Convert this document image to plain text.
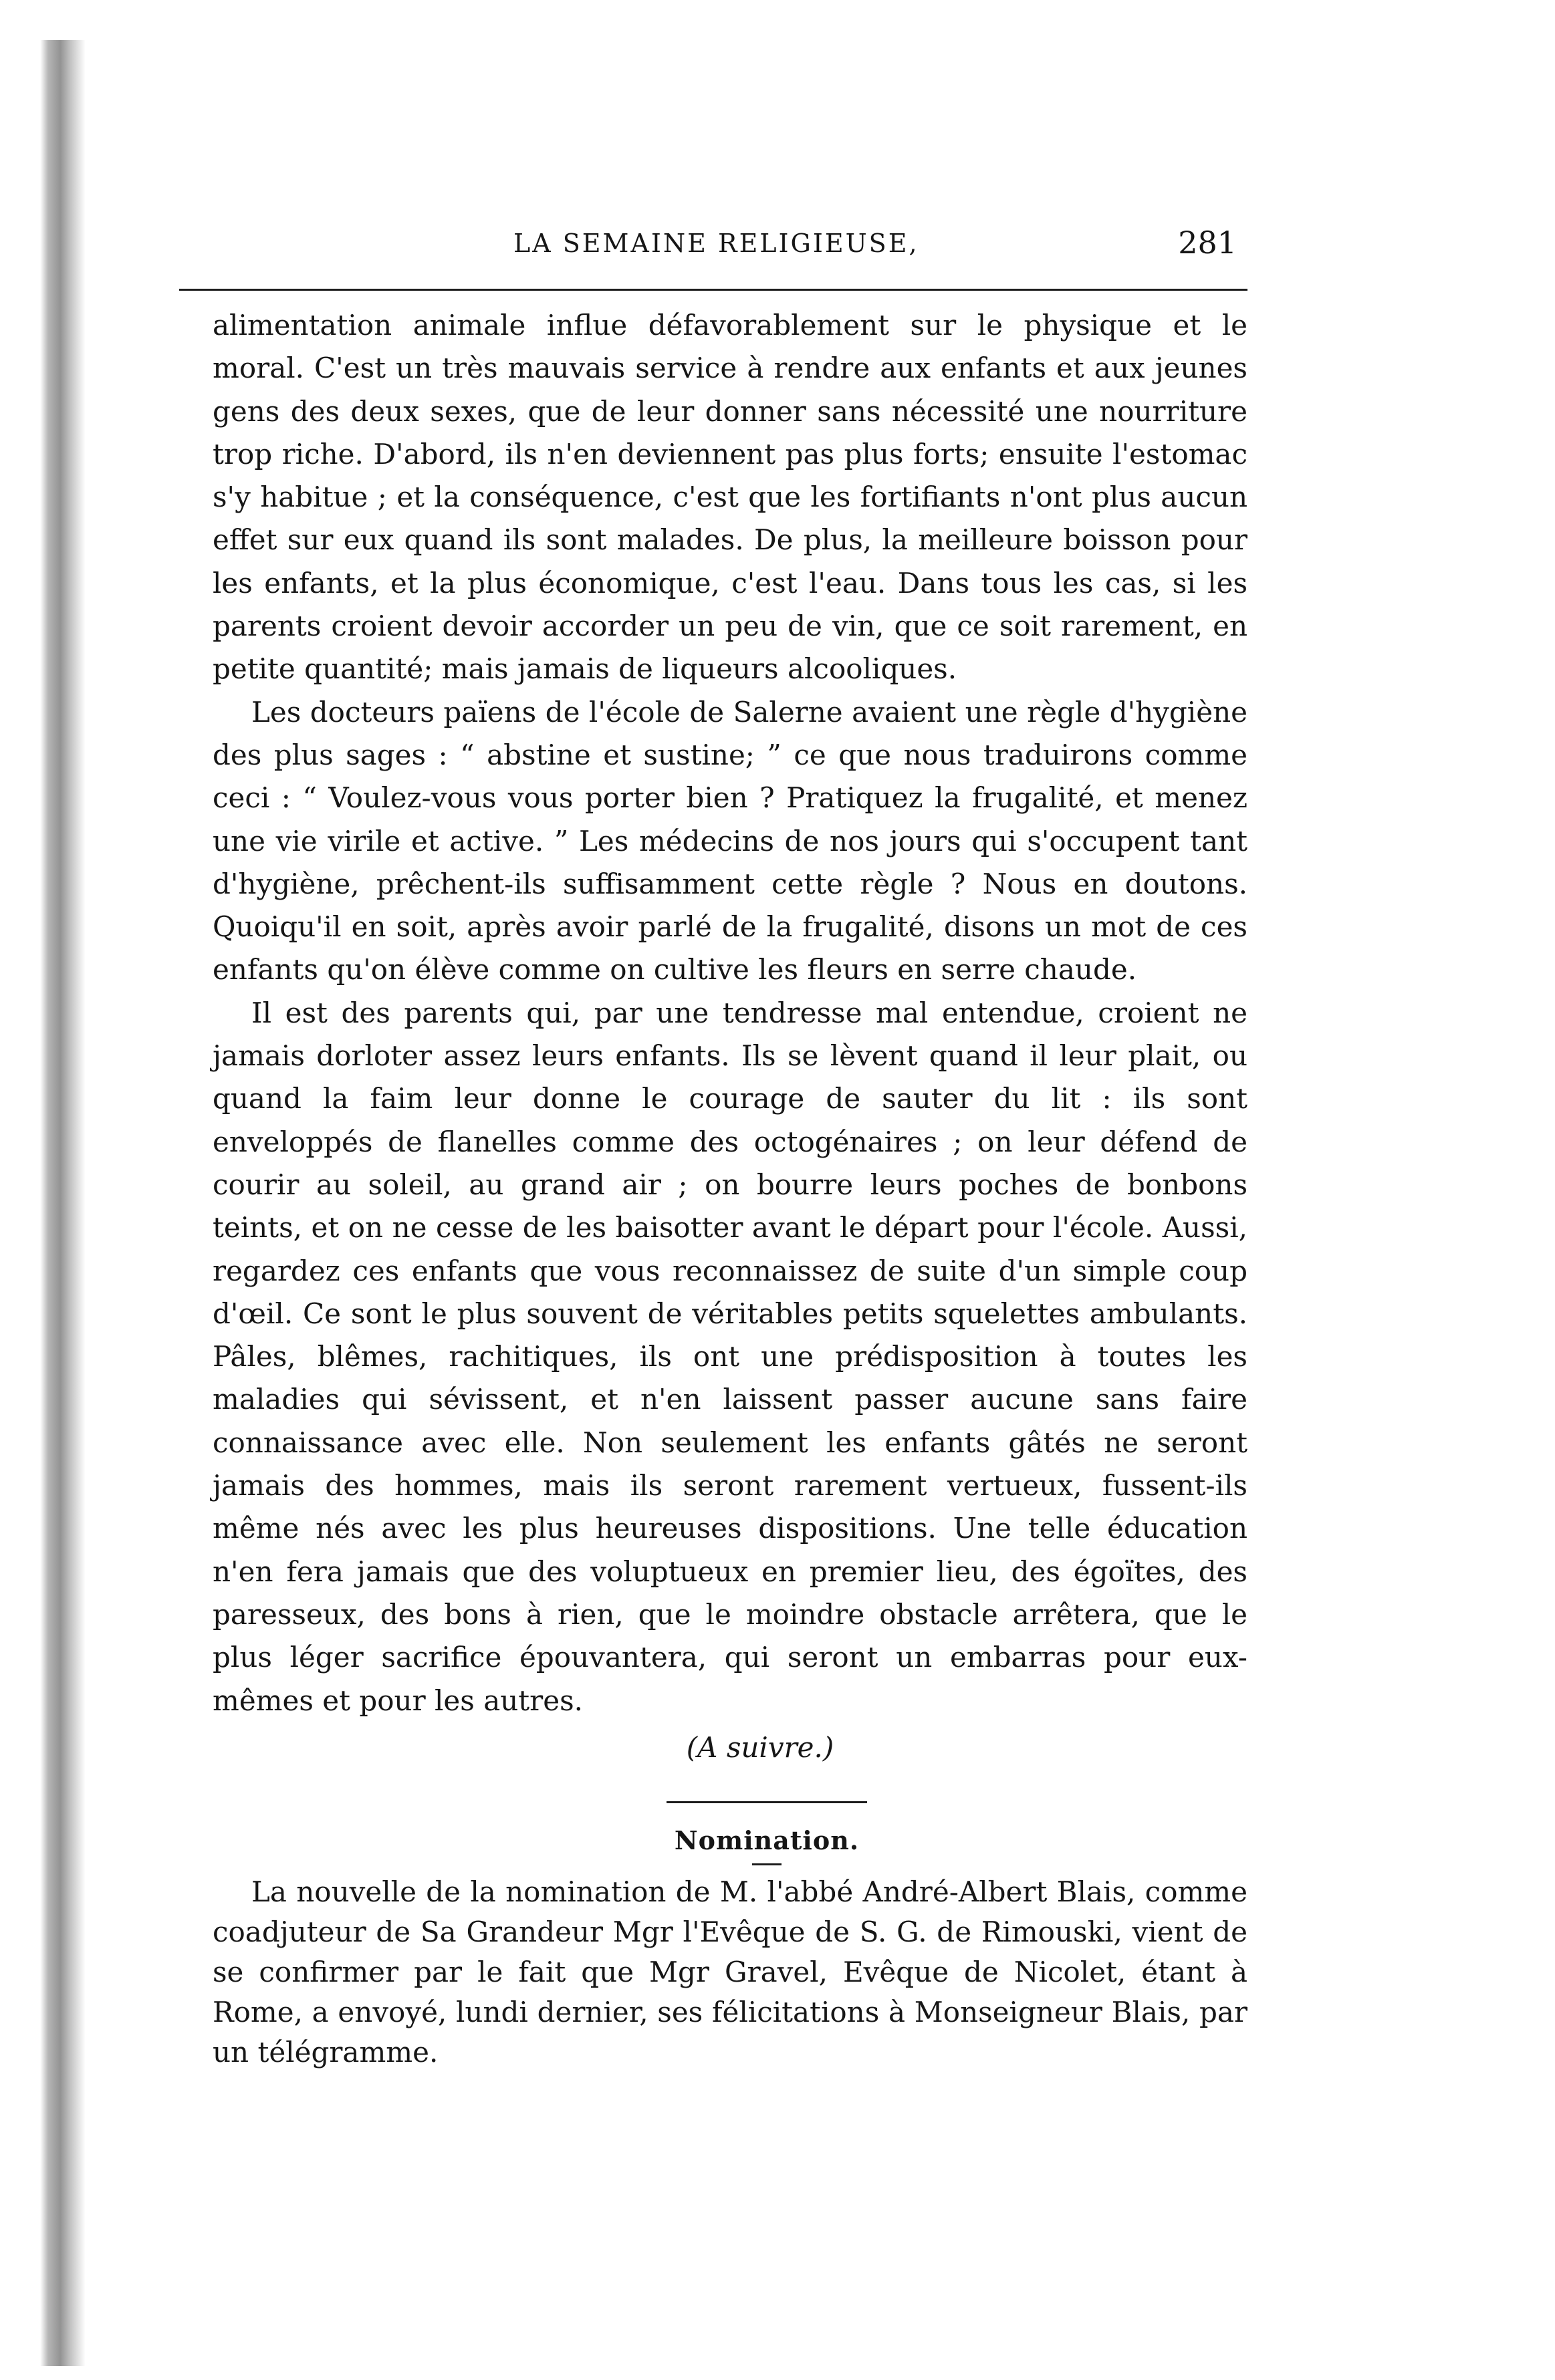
LA SEMAINE RELIGIEUSE,	281

alimentation animale influe défavorablement sur le physique et le moral. C'est un très mauvais service à rendre aux enfants et aux jeunes gens des deux sexes, que de leur donner sans nécessité une nourriture trop riche. D'abord, ils n'en deviennent pas plus forts; ensuite l'estomac s'y habitue ; et la conséquence, c'est que les fortifiants n'ont plus aucun effet sur eux quand ils sont malades. De plus, la meilleure boisson pour les enfants, et la plus économique, c'est l'eau. Dans tous les cas, si les parents croient devoir accorder un peu de vin, que ce soit rarement, en petite quantité; mais jamais de liqueurs alcooliques.

Les docteurs païens de l'école de Salerne avaient une règle d'hygiène des plus sages : “ abstine et sustine; ” ce que nous traduirons comme ceci : “ Voulez-vous vous porter bien ? Pratiquez la frugalité, et menez une vie virile et active. ” Les médecins de nos jours qui s'occupent tant d'hygiène, prêchent-ils suffisamment cette règle ? Nous en doutons. Quoiqu'il en soit, après avoir parlé de la frugalité, disons un mot de ces enfants qu'on élève comme on cultive les fleurs en serre chaude.

Il est des parents qui, par une tendresse mal entendue, croient ne jamais dorloter assez leurs enfants. Ils se lèvent quand il leur plait, ou quand la faim leur donne le courage de sauter du lit : ils sont enveloppés de flanelles comme des octogénaires ; on leur défend de courir au soleil, au grand air ; on bourre leurs poches de bonbons teints, et on ne cesse de les baisotter avant le départ pour l'école. Aussi, regardez ces enfants que vous reconnaissez de suite d'un simple coup d'œil. Ce sont le plus souvent de véritables petits squelettes ambulants. Pâles, blêmes, rachitiques, ils ont une prédisposition à toutes les maladies qui sévissent, et n'en laissent passer aucune sans faire connaissance avec elle. Non seulement les enfants gâtés ne seront jamais des hommes, mais ils seront rarement vertueux, fussent-ils même nés avec les plus heureuses dispositions. Une telle éducation n'en fera jamais que des voluptueux en premier lieu, des égoïtes, des paresseux, des bons à rien, que le moindre obstacle arrêtera, que le plus léger sacrifice épouvantera, qui seront un embarras pour eux-mêmes et pour les autres.

(A suivre.)

Nomination.

La nouvelle de la nomination de M. l'abbé André-Albert Blais, comme coadjuteur de Sa Grandeur Mgr l'Evêque de S. G. de Rimouski, vient de se confirmer par le fait que Mgr Gravel, Evêque de Nicolet, étant à Rome, a envoyé, lundi dernier, ses félicitations à Monseigneur Blais, par un télégramme.
